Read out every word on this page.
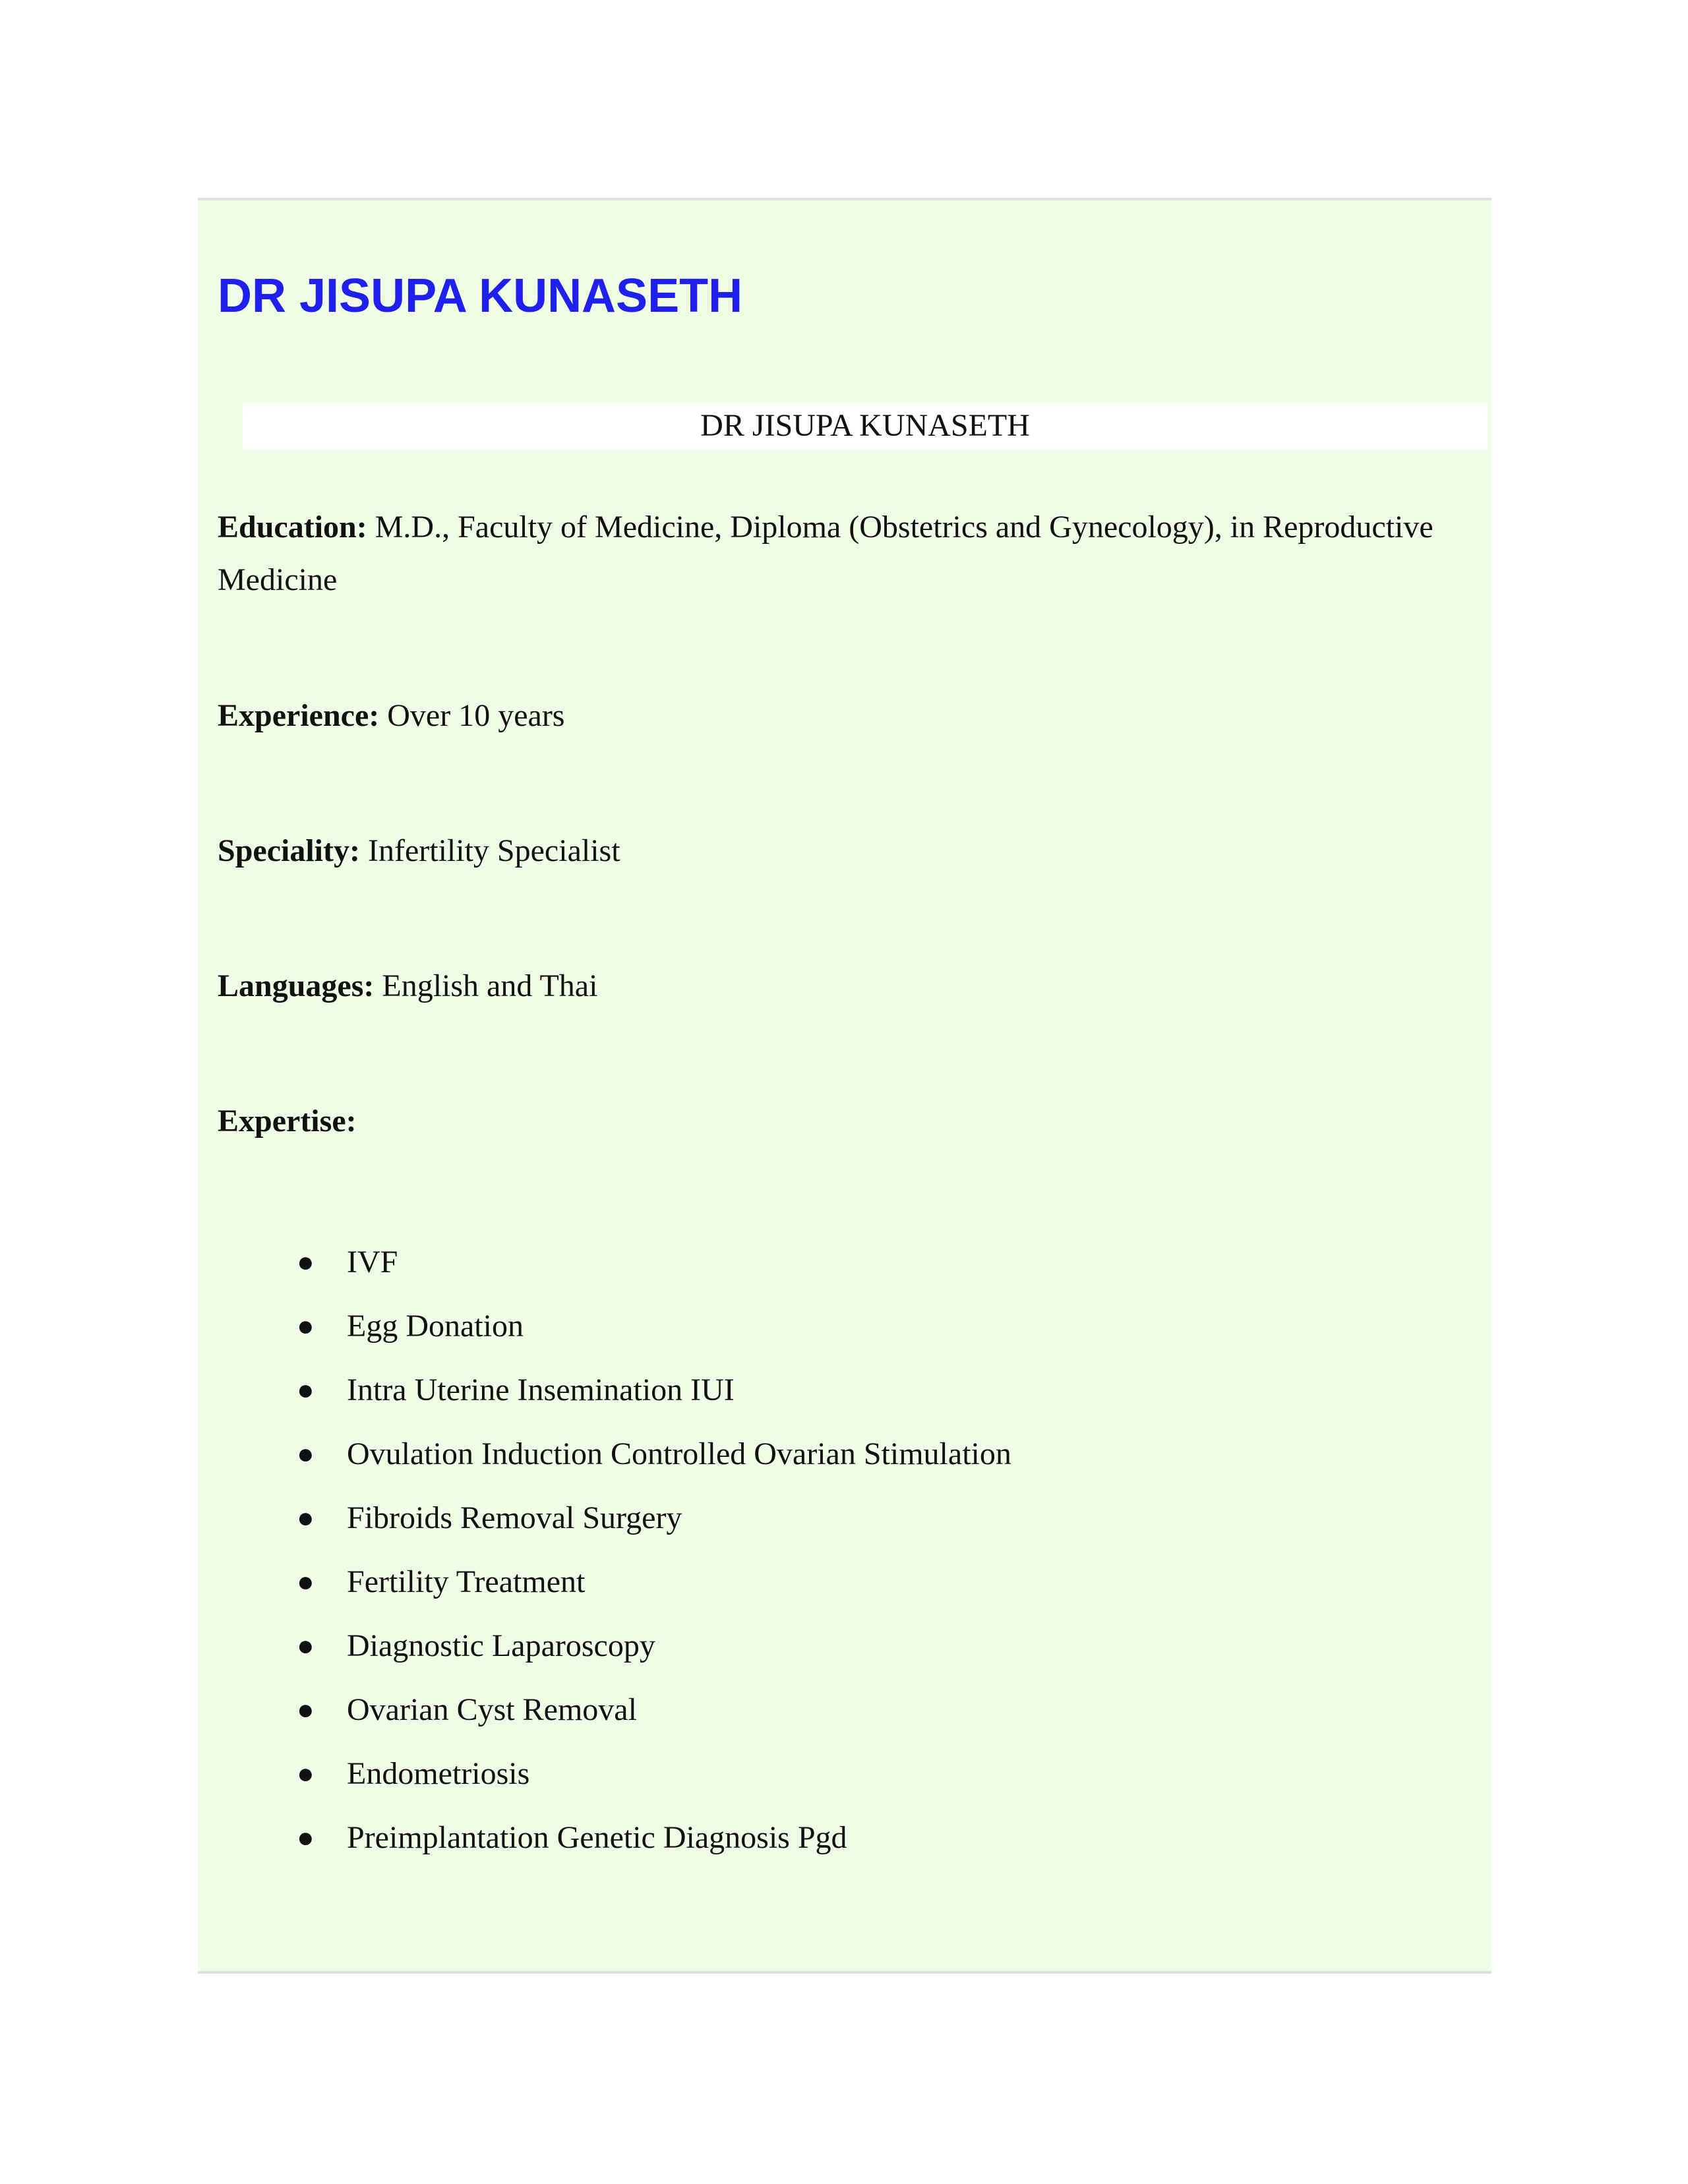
DR JISUPA KUNASETH
DR JISUPA KUNASETH

Education: M.D., Faculty of Medicine, Diploma (Obstetrics and Gynecology), in Reproductive Medicine

Experience: Over 10 years

Speciality: Infertility Specialist

Languages: English and Thai

Expertise:

● IVF
● Egg Donation
● Intra Uterine Insemination IUI
● Ovulation Induction Controlled Ovarian Stimulation
● Fibroids Removal Surgery
● Fertility Treatment
● Diagnostic Laparoscopy
● Ovarian Cyst Removal
● Endometriosis
● Preimplantation Genetic Diagnosis Pgd
